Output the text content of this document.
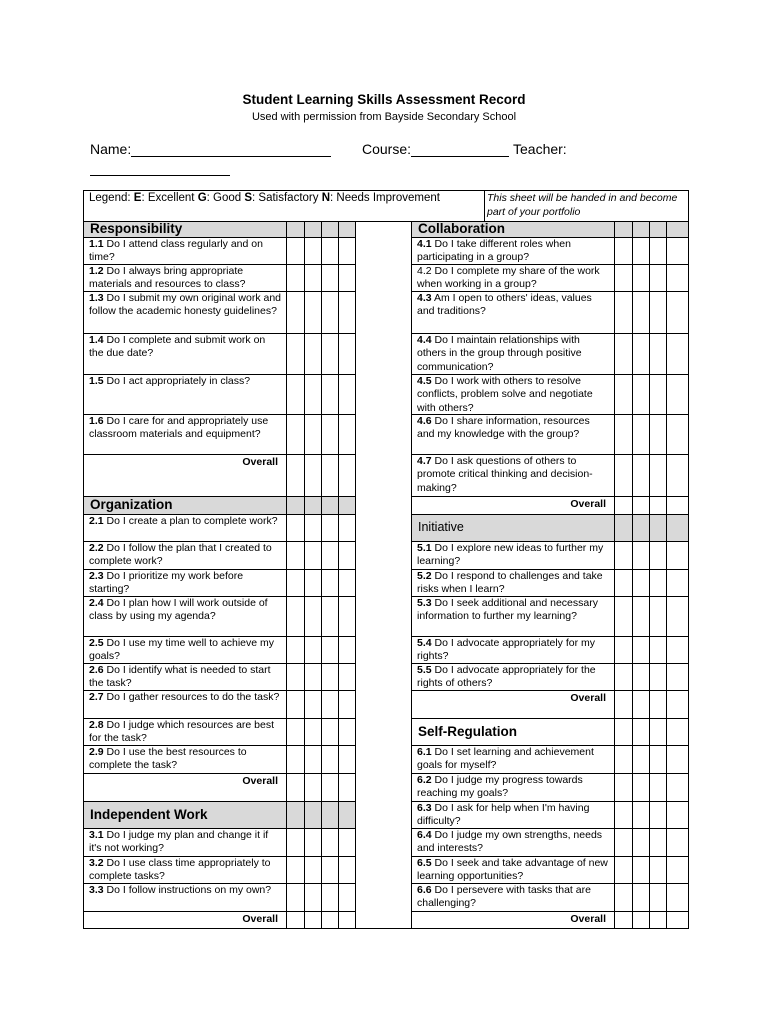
Student Learning Skills Assessment Record
Used with permission from Bayside Secondary School
Name:	Course:	Teacher:
Legend: E: Excellent G: Good S: Satisfactory N: Needs Improvement	This sheet will be handed in and become part of your portfolio
Responsibility
1.1 Do I attend class regularly and on time?
1.2 Do I always bring appropriate materials and resources to class?
1.3 Do I submit my own original work and follow the academic honesty guidelines?
1.4 Do I complete and submit work on the due date?
1.5 Do I act appropriately in class?
1.6 Do I care for and appropriately use classroom materials and equipment?
Overall
Organization
2.1 Do I create a plan to complete work?
2.2 Do I follow the plan that I created to complete work?
2.3 Do I prioritize my work before starting?
2.4 Do I plan how I will work outside of class by using my agenda?
2.5 Do I use my time well to achieve my goals?
2.6 Do I identify what is needed to start the task?
2.7 Do I gather resources to do the task?
2.8 Do I judge which resources are best for the task?
2.9 Do I use the best resources to complete the task?
Overall
Independent Work
3.1 Do I judge my plan and change it if it's not working?
3.2 Do I use class time appropriately to complete tasks?
3.3 Do I follow instructions on my own?
Overall
Collaboration
4.1 Do I take different roles when participating in a group?
4.2 Do I complete my share of the work when working in a group?
4.3 Am I open to others' ideas, values and traditions?
4.4 Do I maintain relationships with others in the group through positive communication?
4.5 Do I work with others to resolve conflicts, problem solve and negotiate with others?
4.6 Do I share information, resources and my knowledge with the group?
4.7 Do I ask questions of others to promote critical thinking and decision-making?
Overall
Initiative
5.1 Do I explore new ideas to further my learning?
5.2 Do I respond to challenges and take risks when I learn?
5.3 Do I seek additional and necessary information to further my learning?
5.4 Do I advocate appropriately for my rights?
5.5 Do I advocate appropriately for the rights of others?
Overall
Self-Regulation
6.1 Do I set learning and achievement goals for myself?
6.2 Do I judge my progress towards reaching my goals?
6.3 Do I ask for help when I'm having difficulty?
6.4 Do I judge my own strengths, needs and interests?
6.5 Do I seek and take advantage of new learning opportunities?
6.6 Do I persevere with tasks that are challenging?
Overall
